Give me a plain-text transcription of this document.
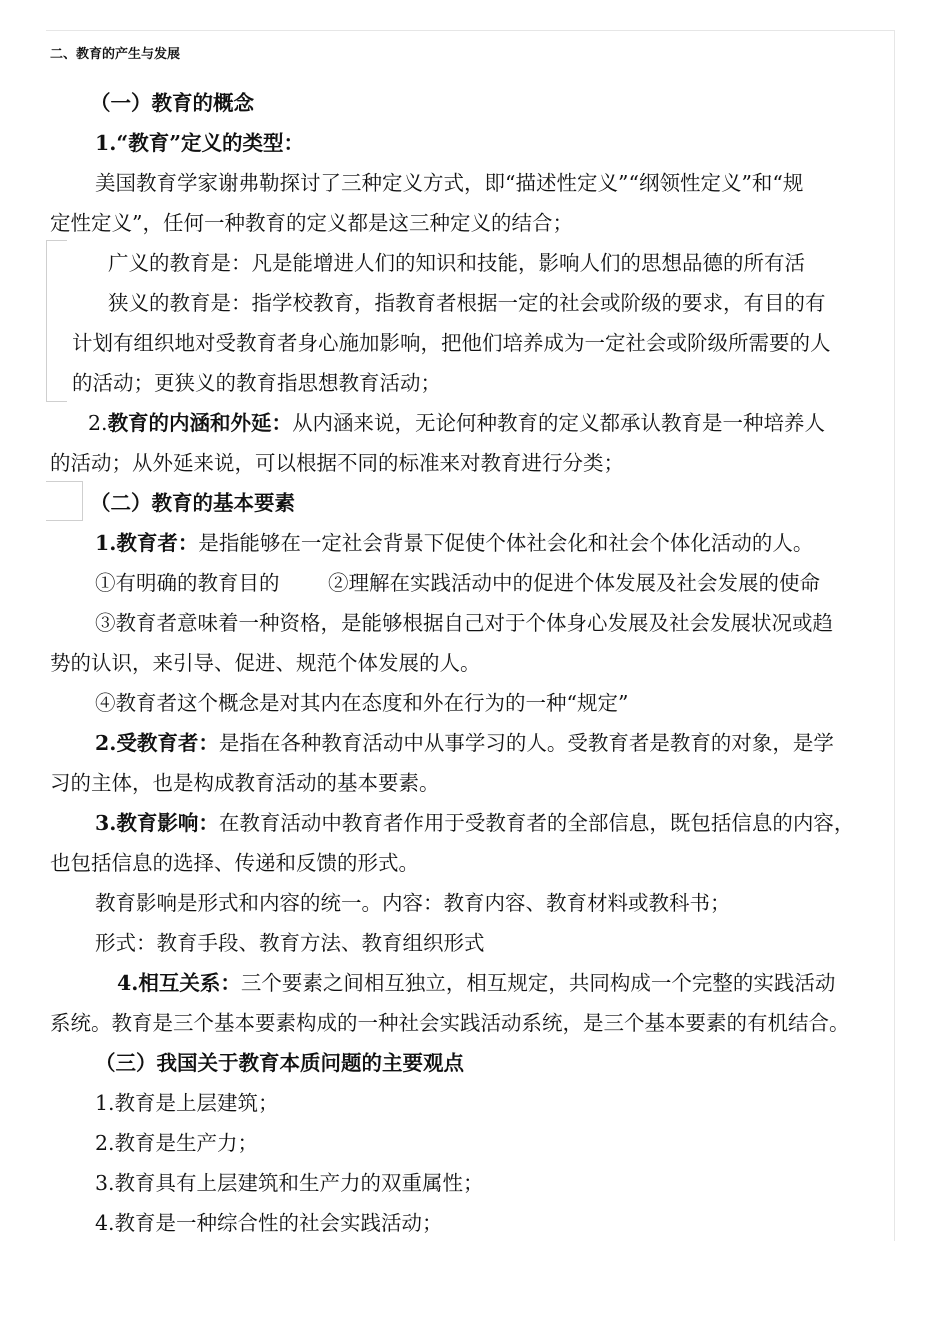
二、教育的产生与发展
（一）教育的概念
1.“教育”定义的类型：
美国教育学家谢弗勒探讨了三种定义方式，即“描述性定义”“纲领性定义”和“规
定性定义”，任何一种教育的定义都是这三种定义的结合；
广义的教育是：凡是能增进人们的知识和技能，影响人们的思想品德的所有活
狭义的教育是：指学校教育，指教育者根据一定的社会或阶级的要求，有目的有
计划有组织地对受教育者身心施加影响，把他们培养成为一定社会或阶级所需要的人
的活动；更狭义的教育指思想教育活动；
2.教育的内涵和外延：从内涵来说，无论何种教育的定义都承认教育是一种培养人
的活动；从外延来说，可以根据不同的标准来对教育进行分类；
（二）教育的基本要素
1.教育者：是指能够在一定社会背景下促使个体社会化和社会个体化活动的人。
①有明确的教育目的 ②理解在实践活动中的促进个体发展及社会发展的使命
③教育者意味着一种资格，是能够根据自己对于个体身心发展及社会发展状况或趋
势的认识，来引导、促进、规范个体发展的人。
④教育者这个概念是对其内在态度和外在行为的一种“规定”
2.受教育者：是指在各种教育活动中从事学习的人。受教育者是教育的对象，是学
习的主体，也是构成教育活动的基本要素。
3.教育影响：在教育活动中教育者作用于受教育者的全部信息，既包括信息的内容，
也包括信息的选择、传递和反馈的形式。
教育影响是形式和内容的统一。内容：教育内容、教育材料或教科书；
形式：教育手段、教育方法、教育组织形式
4.相互关系：三个要素之间相互独立，相互规定，共同构成一个完整的实践活动
系统。教育是三个基本要素构成的一种社会实践活动系统，是三个基本要素的有机结合。
（三）我国关于教育本质问题的主要观点
1.教育是上层建筑；
2.教育是生产力；
3.教育具有上层建筑和生产力的双重属性；
4.教育是一种综合性的社会实践活动；
